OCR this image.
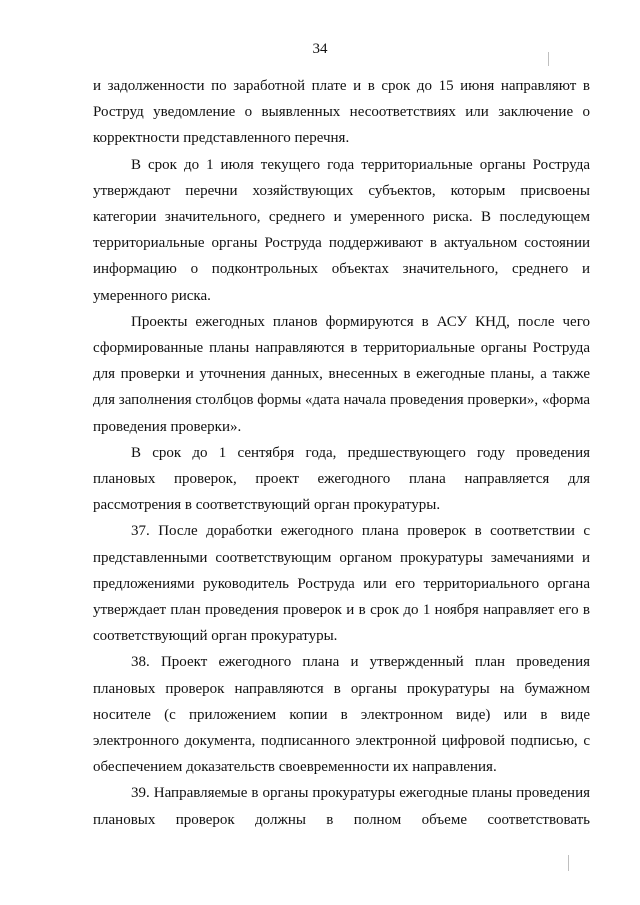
34

и задолженности по заработной плате и в срок до 15 июня направляют в Роструд уведомление о выявленных несоответствиях или заключение о корректности представленного перечня.

В срок до 1 июля текущего года территориальные органы Роструда утверждают перечни хозяйствующих субъектов, которым присвоены категории значительного, среднего и умеренного риска. В последующем территориальные органы Роструда поддерживают в актуальном состоянии информацию о подконтрольных объектах значительного, среднего и умеренного риска.

Проекты ежегодных планов формируются в АСУ КНД, после чего сформированные планы направляются в территориальные органы Роструда для проверки и уточнения данных, внесенных в ежегодные планы, а также для заполнения столбцов формы «дата начала проведения проверки», «форма проведения проверки».

В срок до 1 сентября года, предшествующего году проведения плановых проверок, проект ежегодного плана направляется для рассмотрения в соответствующий орган прокуратуры.

37. После доработки ежегодного плана проверок в соответствии с представленными соответствующим органом прокуратуры замечаниями и предложениями руководитель Роструда или его территориального органа утверждает план проведения проверок и в срок до 1 ноября направляет его в соответствующий орган прокуратуры.

38. Проект ежегодного плана и утвержденный план проведения плановых проверок направляются в органы прокуратуры на бумажном носителе (с приложением копии в электронном виде) или в виде электронного документа, подписанного электронной цифровой подписью, с обеспечением доказательств своевременности их направления.

39. Направляемые в органы прокуратуры ежегодные планы проведения плановых проверок должны в полном объеме соответствовать
